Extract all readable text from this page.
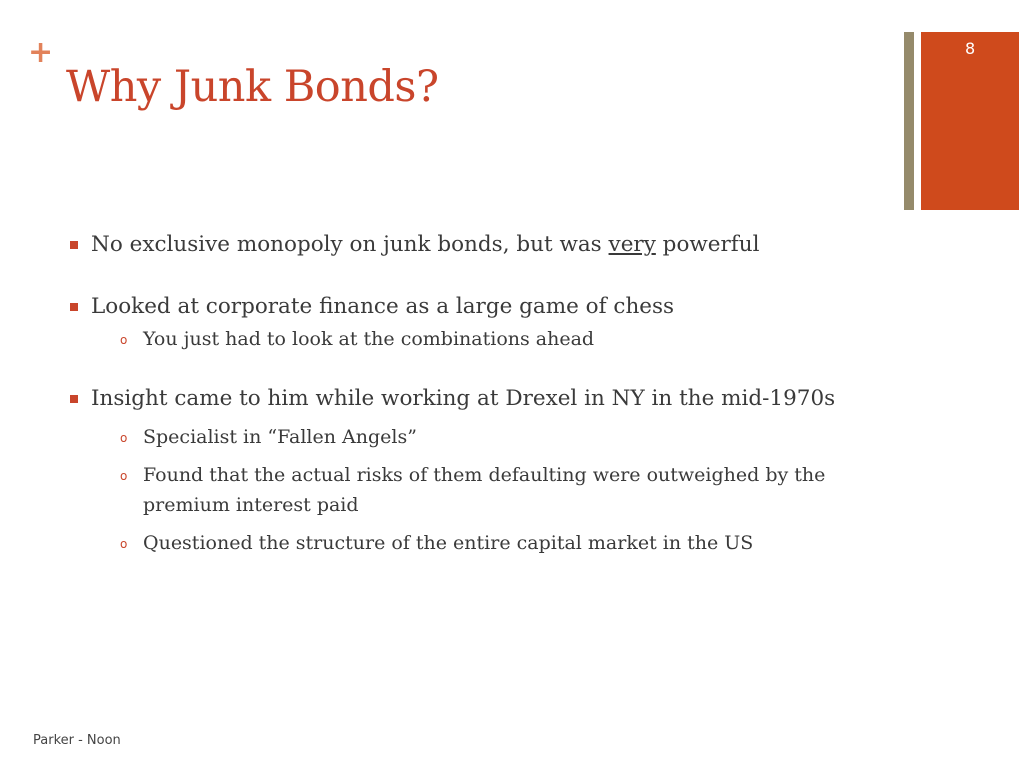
+
Why Junk Bonds?
8
No exclusive monopoly on junk bonds, but was very powerful
Looked at corporate finance as a large game of chess
o You just had to look at the combinations ahead
Insight came to him while working at Drexel in NY in the mid-1970s
o Specialist in “Fallen Angels”
o Found that the actual risks of them defaulting were outweighed by the premium interest paid
o Questioned the structure of the entire capital market in the US
Parker - Noon
